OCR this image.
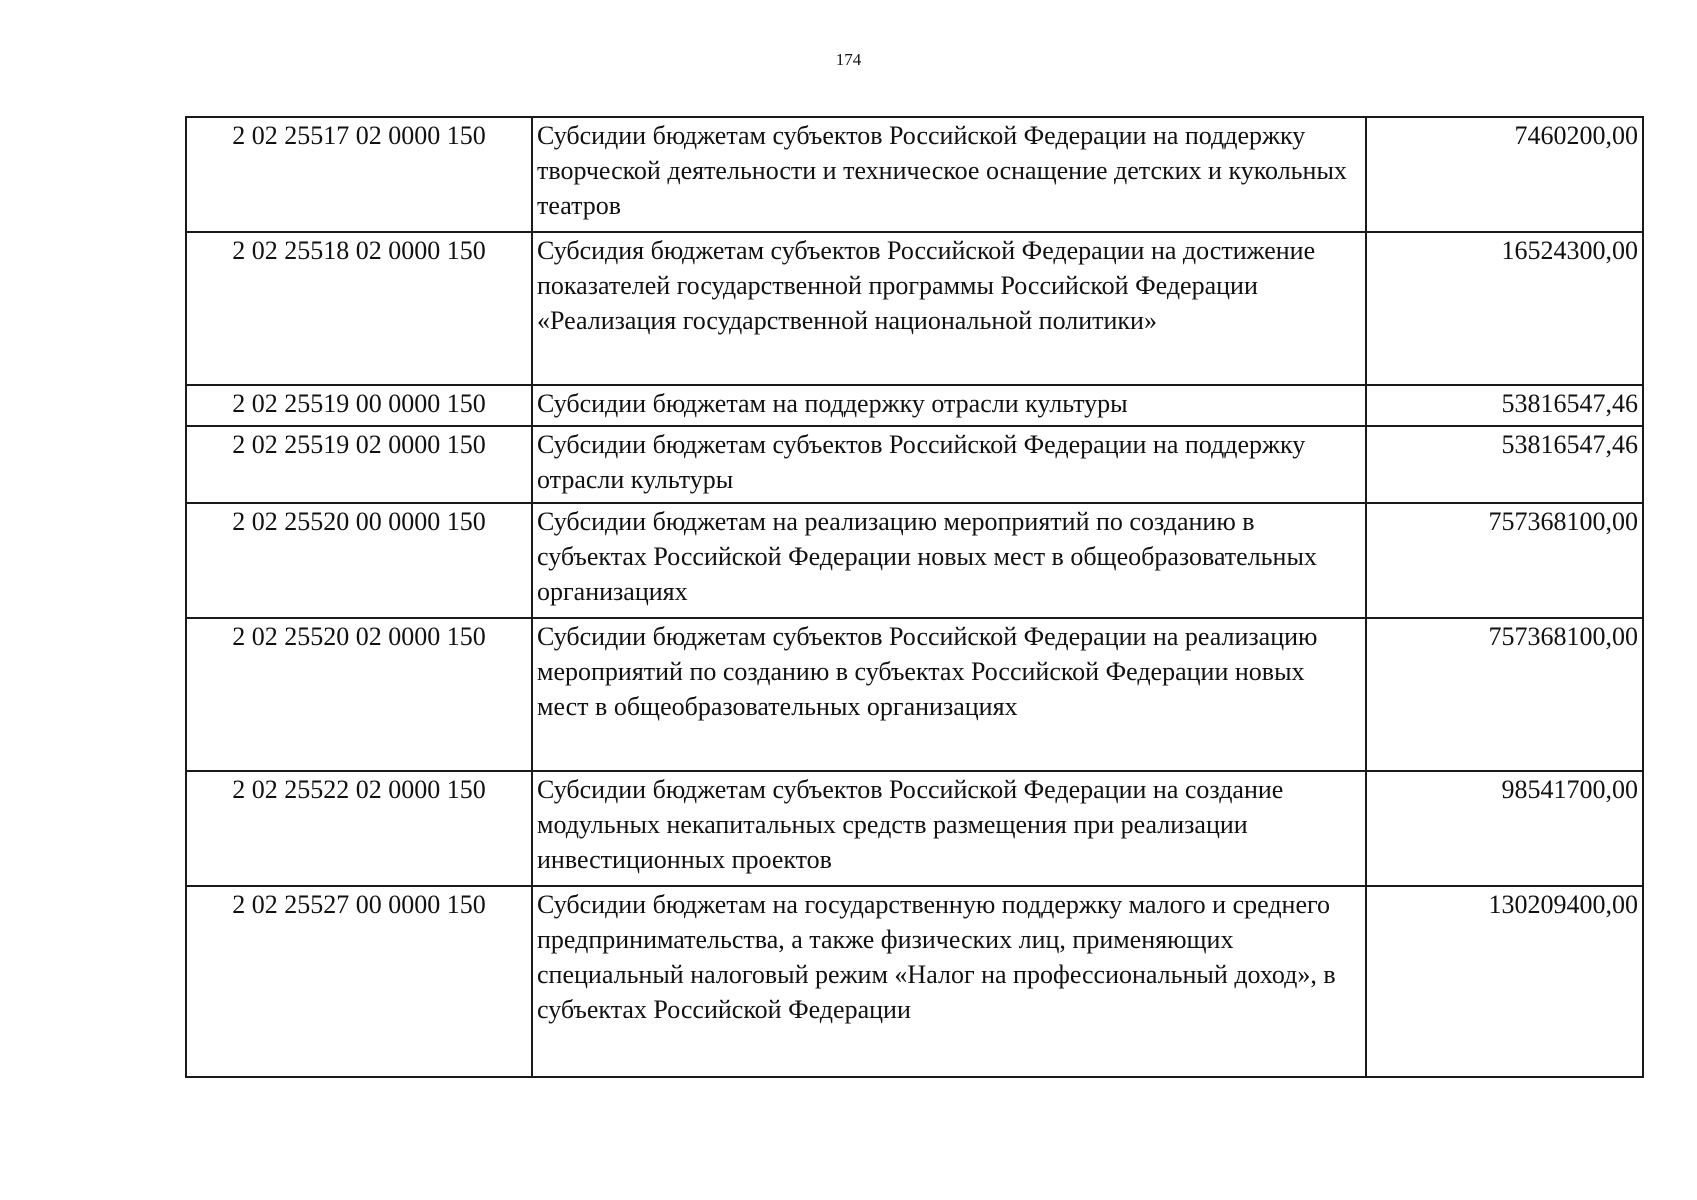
174
2 02 25517 02 0000 150	Субсидии бюджетам субъектов Российской Федерации на поддержку творческой деятельности и техническое оснащение детских и кукольных театров	7460200,00
2 02 25518 02 0000 150	Субсидия бюджетам субъектов Российской Федерации на достижение показателей государственной программы Российской Федерации «Реализация государственной национальной политики»	16524300,00
2 02 25519 00 0000 150	Субсидии бюджетам на поддержку отрасли культуры	53816547,46
2 02 25519 02 0000 150	Субсидии бюджетам субъектов Российской Федерации на поддержку отрасли культуры	53816547,46
2 02 25520 00 0000 150	Субсидии бюджетам на реализацию мероприятий по созданию в субъектах Российской Федерации новых мест в общеобразовательных организациях	757368100,00
2 02 25520 02 0000 150	Субсидии бюджетам субъектов Российской Федерации на реализацию мероприятий по созданию в субъектах Российской Федерации новых мест в общеобразовательных организациях	757368100,00
2 02 25522 02 0000 150	Субсидии бюджетам субъектов Российской Федерации на создание модульных некапитальных средств размещения при реализации инвестиционных проектов	98541700,00
2 02 25527 00 0000 150	Субсидии бюджетам на государственную поддержку малого и среднего предпринимательства, а также физических лиц, применяющих специальный налоговый режим «Налог на профессиональный доход», в субъектах Российской Федерации	130209400,00
